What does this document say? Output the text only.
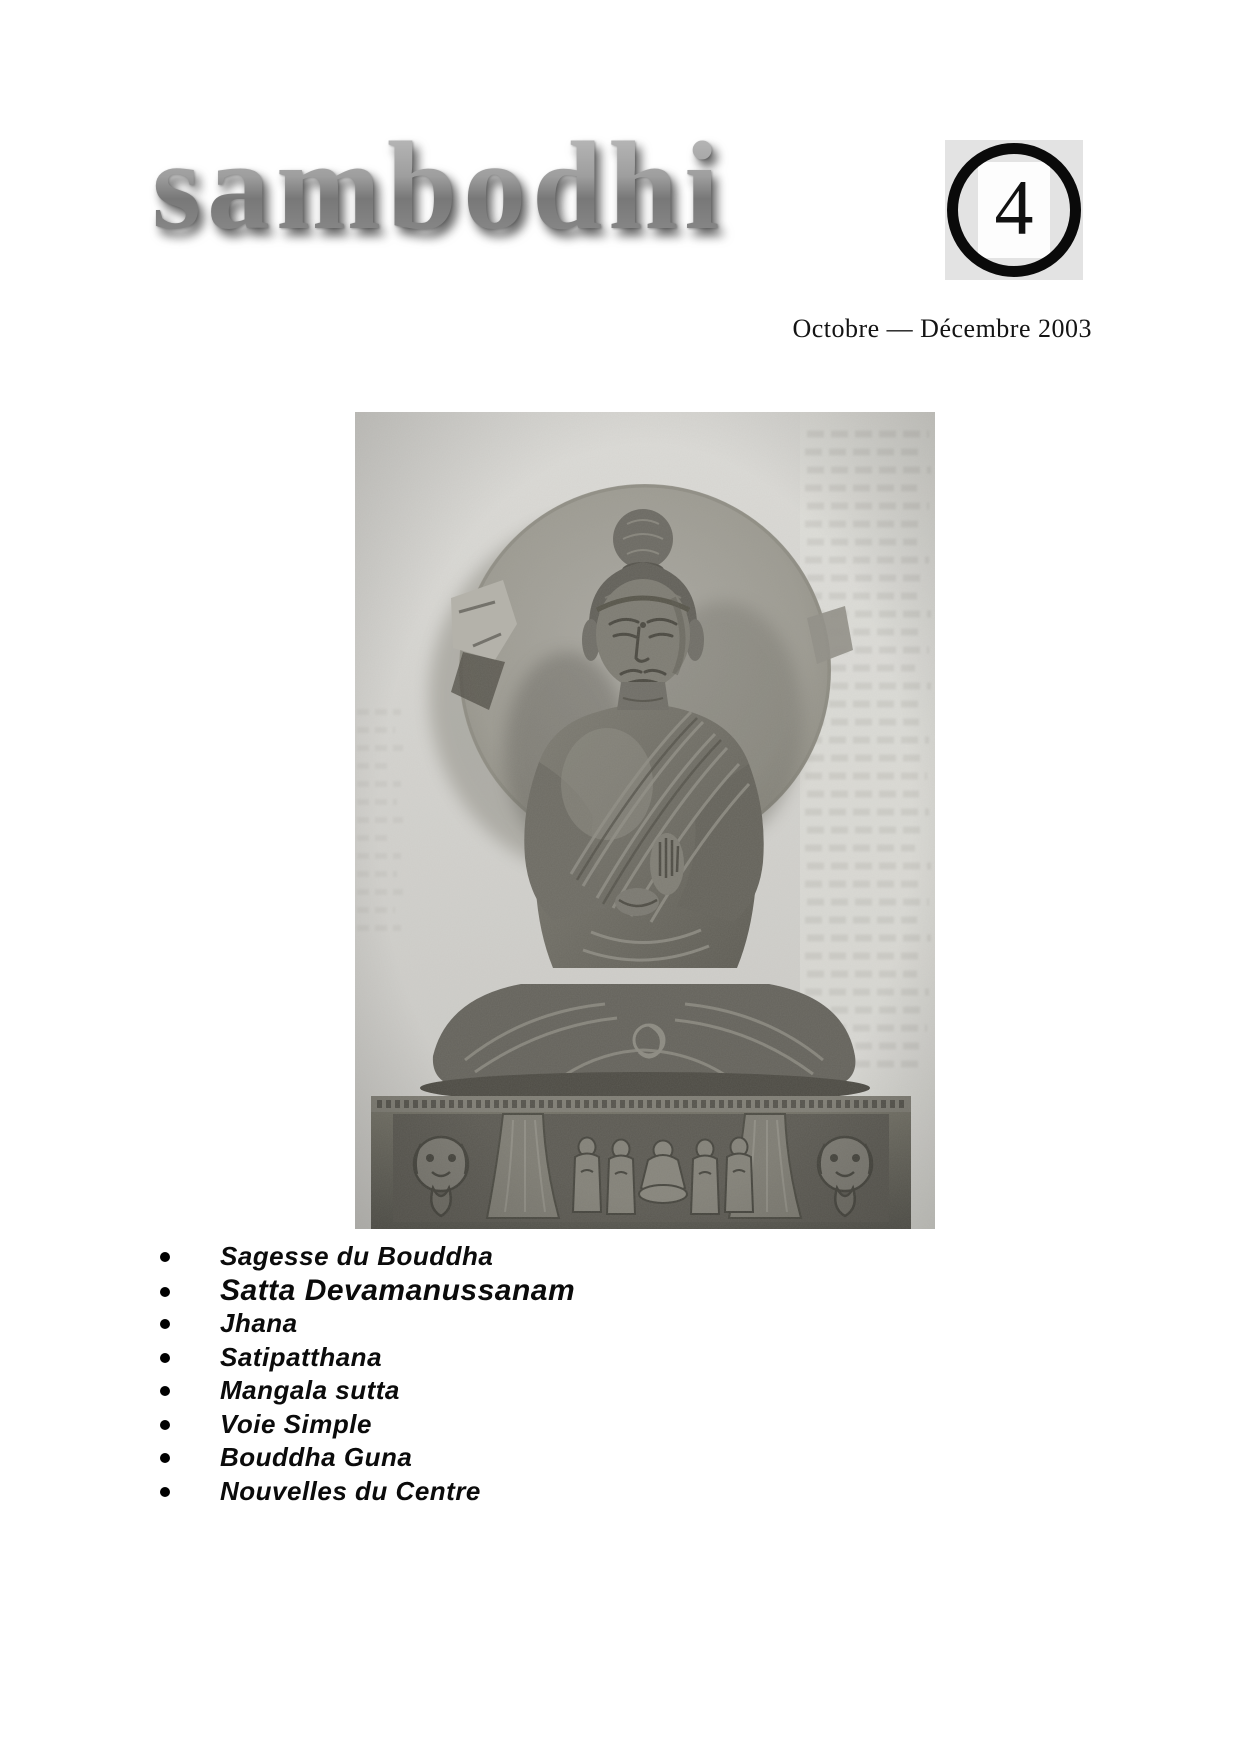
sambodhi	4
Octobre — Décembre 2003
Sagesse du Bouddha
Satta Devamanussanam
Jhana
Satipatthana
Mangala sutta
Voie Simple
Bouddha Guna
Nouvelles du Centre
